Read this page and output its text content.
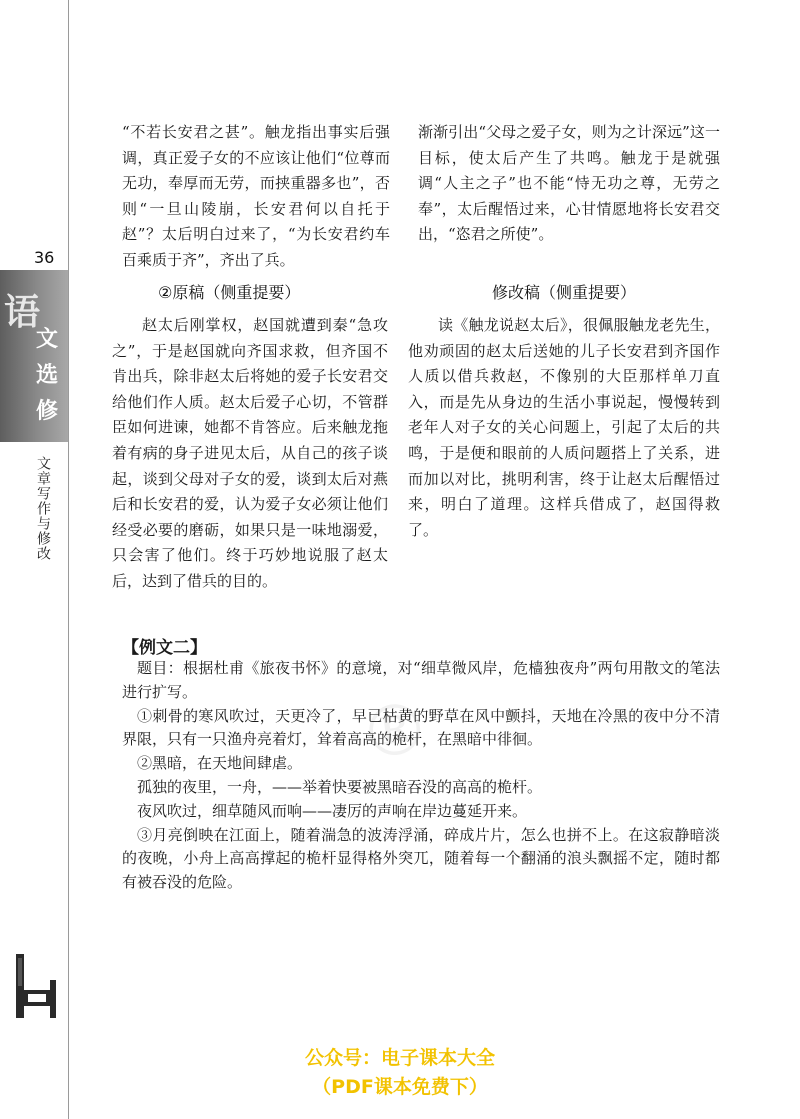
36
语
文
选
修
文章写作与修改
®

“不若长安君之甚”。触龙指出事实后强调，真正爱子女的不应该让他们“位尊而无功，奉厚而无劳，而挟重器多也”，否则“一旦山陵崩，长安君何以自托于赵”？太后明白过来了，“为长安君约车百乘质于齐”，齐出了兵。

渐渐引出“父母之爱子女，则为之计深远”这一目标，使太后产生了共鸣。触龙于是就强调“人主之子”也不能“恃无功之尊，无劳之奉”，太后醒悟过来，心甘情愿地将长安君交出，“恣君之所使”。

②原稿（侧重提要）	修改稿（侧重提要）

赵太后刚掌权，赵国就遭到秦“急攻之”，于是赵国就向齐国求救，但齐国不肯出兵，除非赵太后将她的爱子长安君交给他们作人质。赵太后爱子心切，不管群臣如何进谏，她都不肯答应。后来触龙拖着有病的身子进见太后，从自己的孩子谈起，谈到父母对子女的爱，谈到太后对燕后和长安君的爱，认为爱子女必须让他们经受必要的磨砺，如果只是一味地溺爱，只会害了他们。终于巧妙地说服了赵太后，达到了借兵的目的。

读《触龙说赵太后》，很佩服触龙老先生，他劝顽固的赵太后送她的儿子长安君到齐国作人质以借兵救赵，不像别的大臣那样单刀直入，而是先从身边的生活小事说起，慢慢转到老年人对子女的关心问题上，引起了太后的共鸣，于是便和眼前的人质问题搭上了关系，进而加以对比，挑明利害，终于让赵太后醒悟过来，明白了道理。这样兵借成了，赵国得救了。

【例文二】

题目：根据杜甫《旅夜书怀》的意境，对“细草微风岸，危樯独夜舟”两句用散文的笔法进行扩写。

①刺骨的寒风吹过，天更冷了，早已枯黄的野草在风中颤抖，天地在冷黑的夜中分不清界限，只有一只渔舟亮着灯，耸着高高的桅杆，在黑暗中徘徊。

②黑暗，在天地间肆虐。

孤独的夜里，一舟，——举着快要被黑暗吞没的高高的桅杆。

夜风吹过，细草随风而响——凄厉的声响在岸边蔓延开来。

③月亮倒映在江面上，随着湍急的波涛浮涌，碎成片片，怎么也拼不上。在这寂静暗淡的夜晚，小舟上高高撑起的桅杆显得格外突兀，随着每一个翻涌的浪头飘摇不定，随时都有被吞没的危险。

公众号：电子课本大全
（PDF课本免费下）
